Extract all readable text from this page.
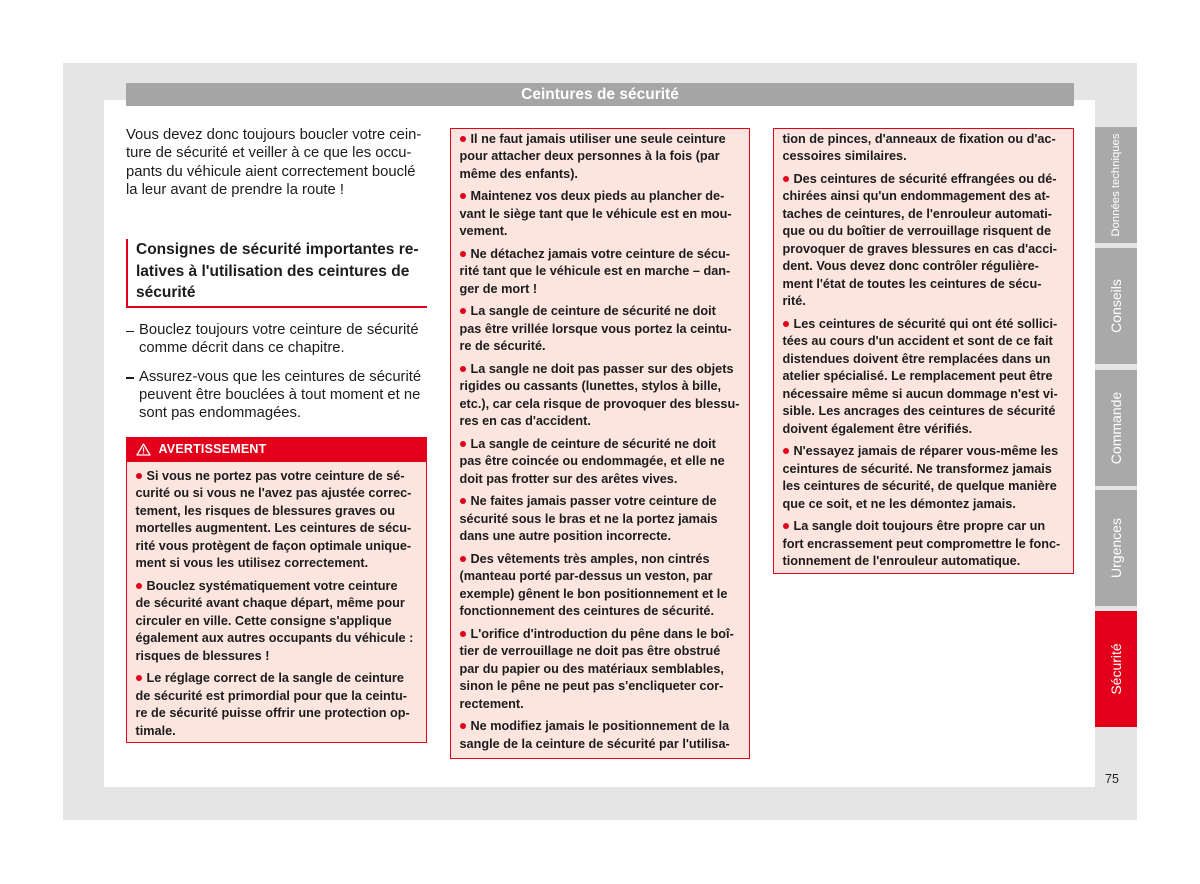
Ceintures de sécurité
Vous devez donc toujours boucler votre cein-
ture de sécurité et veiller à ce que les occu-
pants du véhicule aient correctement bouclé
la leur avant de prendre la route !
Consignes de sécurité importantes re-
latives à l'utilisation des ceintures de
sécurité
Bouclez toujours votre ceinture de sécurité
comme décrit dans ce chapitre.
Assurez-vous que les ceintures de sécurité
peuvent être bouclées à tout moment et ne
sont pas endommagées.
AVERTISSEMENT
Si vous ne portez pas votre ceinture de sé-
curité ou si vous ne l'avez pas ajustée correc-
tement, les risques de blessures graves ou
mortelles augmentent. Les ceintures de sécu-
rité vous protègent de façon optimale unique-
ment si vous les utilisez correctement.
Bouclez systématiquement votre ceinture
de sécurité avant chaque départ, même pour
circuler en ville. Cette consigne s'applique
également aux autres occupants du véhicule :
risques de blessures !
Le réglage correct de la sangle de ceinture
de sécurité est primordial pour que la ceintu-
re de sécurité puisse offrir une protection op-
timale.
Il ne faut jamais utiliser une seule ceinture
pour attacher deux personnes à la fois (par
même des enfants).
Maintenez vos deux pieds au plancher de-
vant le siège tant que le véhicule est en mou-
vement.
Ne détachez jamais votre ceinture de sécu-
rité tant que le véhicule est en marche – dan-
ger de mort !
La sangle de ceinture de sécurité ne doit
pas être vrillée lorsque vous portez la ceintu-
re de sécurité.
La sangle ne doit pas passer sur des objets
rigides ou cassants (lunettes, stylos à bille,
etc.), car cela risque de provoquer des blessu-
res en cas d'accident.
La sangle de ceinture de sécurité ne doit
pas être coincée ou endommagée, et elle ne
doit pas frotter sur des arêtes vives.
Ne faites jamais passer votre ceinture de
sécurité sous le bras et ne la portez jamais
dans une autre position incorrecte.
Des vêtements très amples, non cintrés
(manteau porté par-dessus un veston, par
exemple) gênent le bon positionnement et le
fonctionnement des ceintures de sécurité.
L'orifice d'introduction du pêne dans le boî-
tier de verrouillage ne doit pas être obstrué
par du papier ou des matériaux semblables,
sinon le pêne ne peut pas s'encliqueter cor-
rectement.
Ne modifiez jamais le positionnement de la
sangle de la ceinture de sécurité par l'utilisa-
tion de pinces, d'anneaux de fixation ou d'ac-
cessoires similaires.
Des ceintures de sécurité effrangées ou dé-
chirées ainsi qu'un endommagement des at-
taches de ceintures, de l'enrouleur automati-
que ou du boîtier de verrouillage risquent de
provoquer de graves blessures en cas d'acci-
dent. Vous devez donc contrôler régulière-
ment l'état de toutes les ceintures de sécu-
rité.
Les ceintures de sécurité qui ont été sollici-
tées au cours d'un accident et sont de ce fait
distendues doivent être remplacées dans un
atelier spécialisé. Le remplacement peut être
nécessaire même si aucun dommage n'est vi-
sible. Les ancrages des ceintures de sécurité
doivent également être vérifiés.
N'essayez jamais de réparer vous-même les
ceintures de sécurité. Ne transformez jamais
les ceintures de sécurité, de quelque manière
que ce soit, et ne les démontez jamais.
La sangle doit toujours être propre car un
fort encrassement peut compromettre le fonc-
tionnement de l'enrouleur automatique.
Données techniques
Conseils
Commande
Urgences
Sécurité
75
